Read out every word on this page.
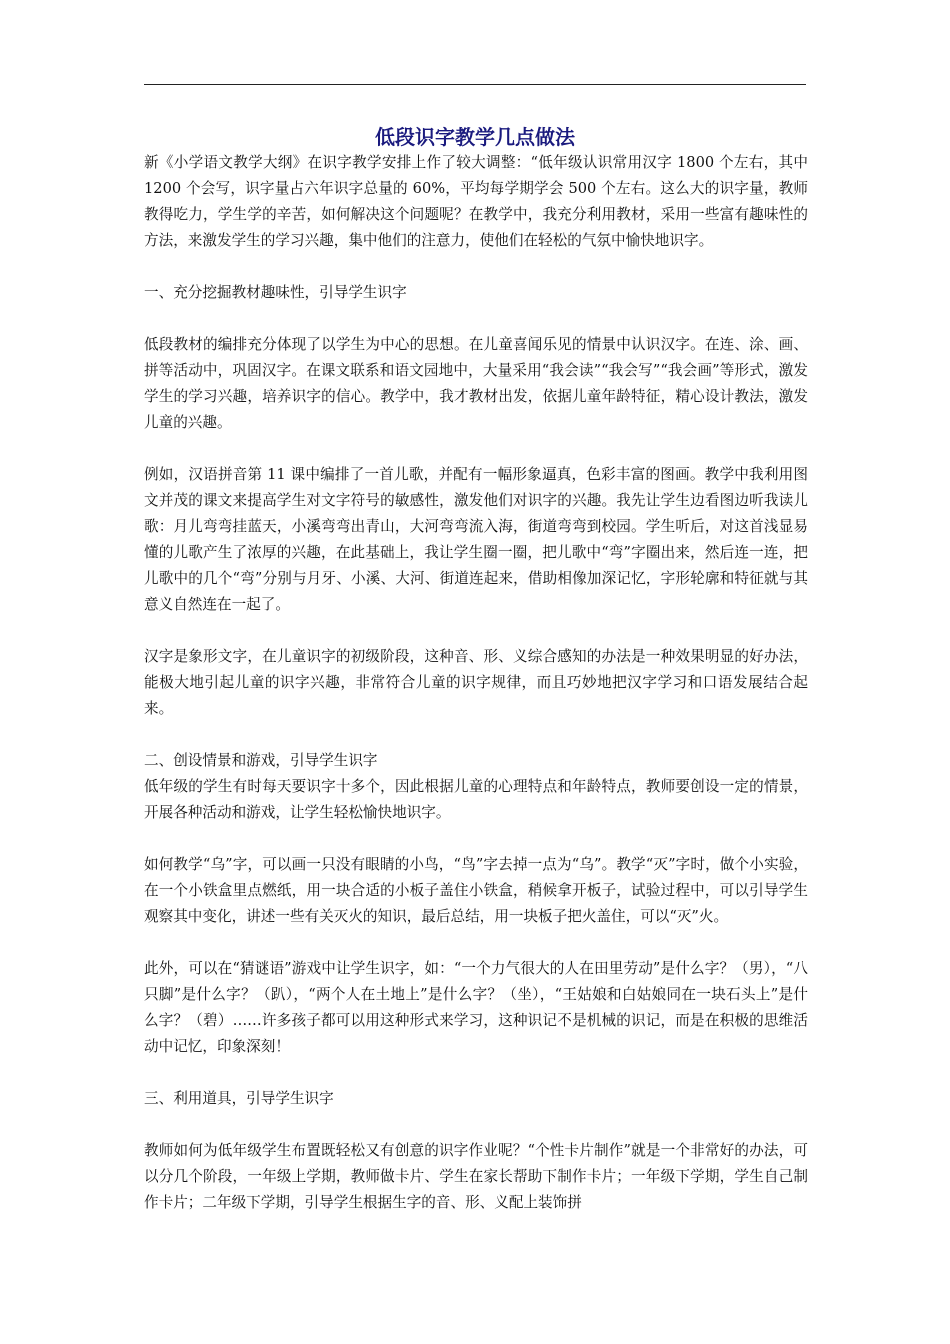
低段识字教学几点做法

新《小学语文教学大纲》在识字教学安排上作了较大调整：“低年级认识常用汉字 1800 个左右，其中 1200 个会写，识字量占六年识字总量的 60%，平均每学期学会 500 个左右。这么大的识字量，教师教得吃力，学生学的辛苦，如何解决这个问题呢？在教学中，我充分利用教材，采用一些富有趣味性的方法，来激发学生的学习兴趣，集中他们的注意力，使他们在轻松的气氛中愉快地识字。

一、充分挖掘教材趣味性，引导学生识字

低段教材的编排充分体现了以学生为中心的思想。在儿童喜闻乐见的情景中认识汉字。在连、涂、画、拼等活动中，巩固汉字。在课文联系和语文园地中，大量采用“我会读”“我会写”“我会画”等形式，激发学生的学习兴趣，培养识字的信心。教学中，我才教材出发，依据儿童年龄特征，精心设计教法，激发儿童的兴趣。

例如，汉语拼音第 11 课中编排了一首儿歌，并配有一幅形象逼真，色彩丰富的图画。教学中我利用图文并茂的课文来提高学生对文字符号的敏感性，激发他们对识字的兴趣。我先让学生边看图边听我读儿歌：月儿弯弯挂蓝天，小溪弯弯出青山，大河弯弯流入海，街道弯弯到校园。学生听后，对这首浅显易懂的儿歌产生了浓厚的兴趣，在此基础上，我让学生圈一圈，把儿歌中“弯”字圈出来，然后连一连，把儿歌中的几个“弯”分别与月牙、小溪、大河、街道连起来，借助相像加深记忆，字形轮廓和特征就与其意义自然连在一起了。

汉字是象形文字，在儿童识字的初级阶段，这种音、形、义综合感知的办法是一种效果明显的好办法，能极大地引起儿童的识字兴趣，非常符合儿童的识字规律，而且巧妙地把汉字学习和口语发展结合起来。

二、创设情景和游戏，引导学生识字

低年级的学生有时每天要识字十多个，因此根据儿童的心理特点和年龄特点，教师要创设一定的情景，开展各种活动和游戏，让学生轻松愉快地识字。

如何教学“乌”字，可以画一只没有眼睛的小鸟，“鸟”字去掉一点为“乌”。教学“灭”字时，做个小实验，在一个小铁盒里点燃纸，用一块合适的小板子盖住小铁盒，稍候拿开板子，试验过程中，可以引导学生观察其中变化，讲述一些有关灭火的知识，最后总结，用一块板子把火盖住，可以“灭”火。

此外，可以在“猜谜语”游戏中让学生识字，如：“一个力气很大的人在田里劳动”是什么字？（男），“八只脚”是什么字？（趴），“两个人在土地上”是什么字？（坐），“王姑娘和白姑娘同在一块石头上”是什么字？（碧）……许多孩子都可以用这种形式来学习，这种识记不是机械的识记，而是在积极的思维活动中记忆，印象深刻！

三、利用道具，引导学生识字

教师如何为低年级学生布置既轻松又有创意的识字作业呢？“个性卡片制作”就是一个非常好的办法，可以分几个阶段，一年级上学期，教师做卡片、学生在家长帮助下制作卡片；一年级下学期，学生自己制作卡片；二年级下学期，引导学生根据生字的音、形、义配上装饰拼
